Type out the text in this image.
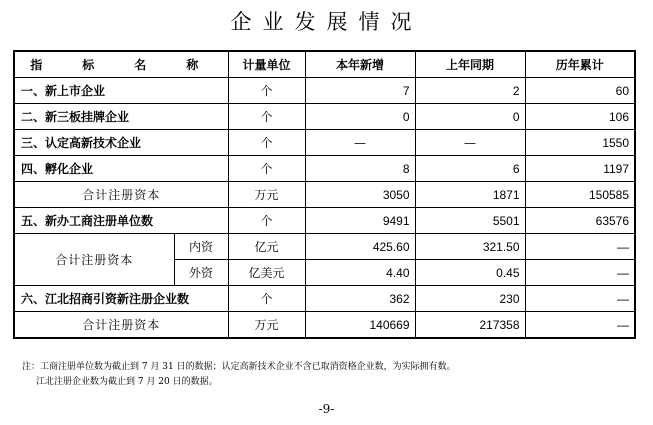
企业发展情况
指　标　名　称		计量单位	本年新增	上年同期	历年累计
一、新上市企业		个	7	2	60
二、新三板挂牌企业		个	0	0	106
三、认定高新技术企业		个	—	—	1550
四、孵化企业		个	8	6	1197
合计注册资本		万元	3050	1871	150585
五、新办工商注册单位数		个	9491	5501	63576
合计注册资本	内资	亿元	425.60	321.50	—
	外资	亿美元	4.40	0.45	—
六、江北招商引资新注册企业数		个	362	230	—
合计注册资本		万元	140669	217358	—
注：工商注册单位数为截止到 7 月 31 日的数据；认定高新技术企业不含已取消资格企业数，为实际拥有数。
江北注册企业数为截止到 7 月 20 日的数据。
-9-
